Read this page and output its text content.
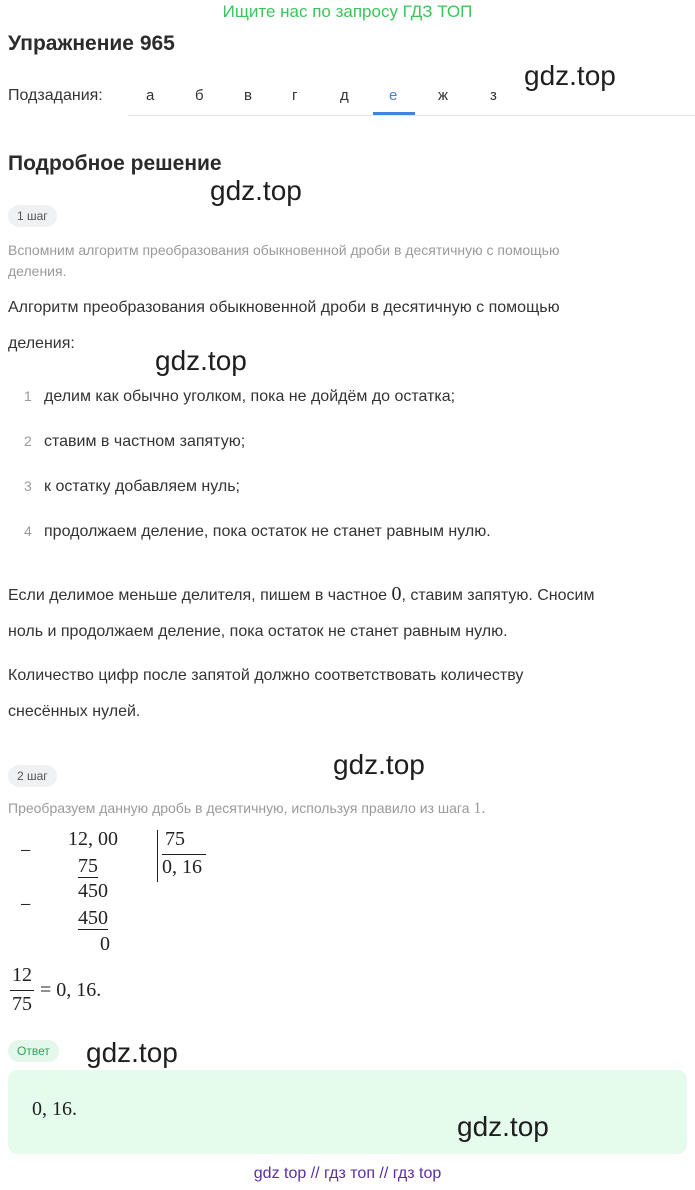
Ищите нас по запросу ГДЗ ТОП
Упражнение 965
Подзадания:	а	б	в	г	д	е	ж	з
gdz.top
Подробное решение
gdz.top
1 шаг
Вспомним алгоритм преобразования обыкновенной дроби в десятичную с помощью
деления.
Алгоритм преобразования обыкновенной дроби в десятичную с помощью
деления:
gdz.top
1 делим как обычно уголком, пока не дойдём до остатка;
2 ставим в частном запятую;
3 к остатку добавляем нуль;
4 продолжаем деление, пока остаток не станет равным нулю.
Если делимое меньше делителя, пишем в частное 0, ставим запятую. Сносим
ноль и продолжаем деление, пока остаток не станет равным нулю.
Количество цифр после запятой должно соответствовать количеству
снесённых нулей.
gdz.top
2 шаг
Преобразуем данную дробь в десятичную, используя правило из шага 1.
−
12, 00 75
75	0, 16
−
450
450
0
12
75
= 0, 16.
Ответ	gdz.top
0, 16.
gdz.top
gdz top // гдз топ // гдз top
